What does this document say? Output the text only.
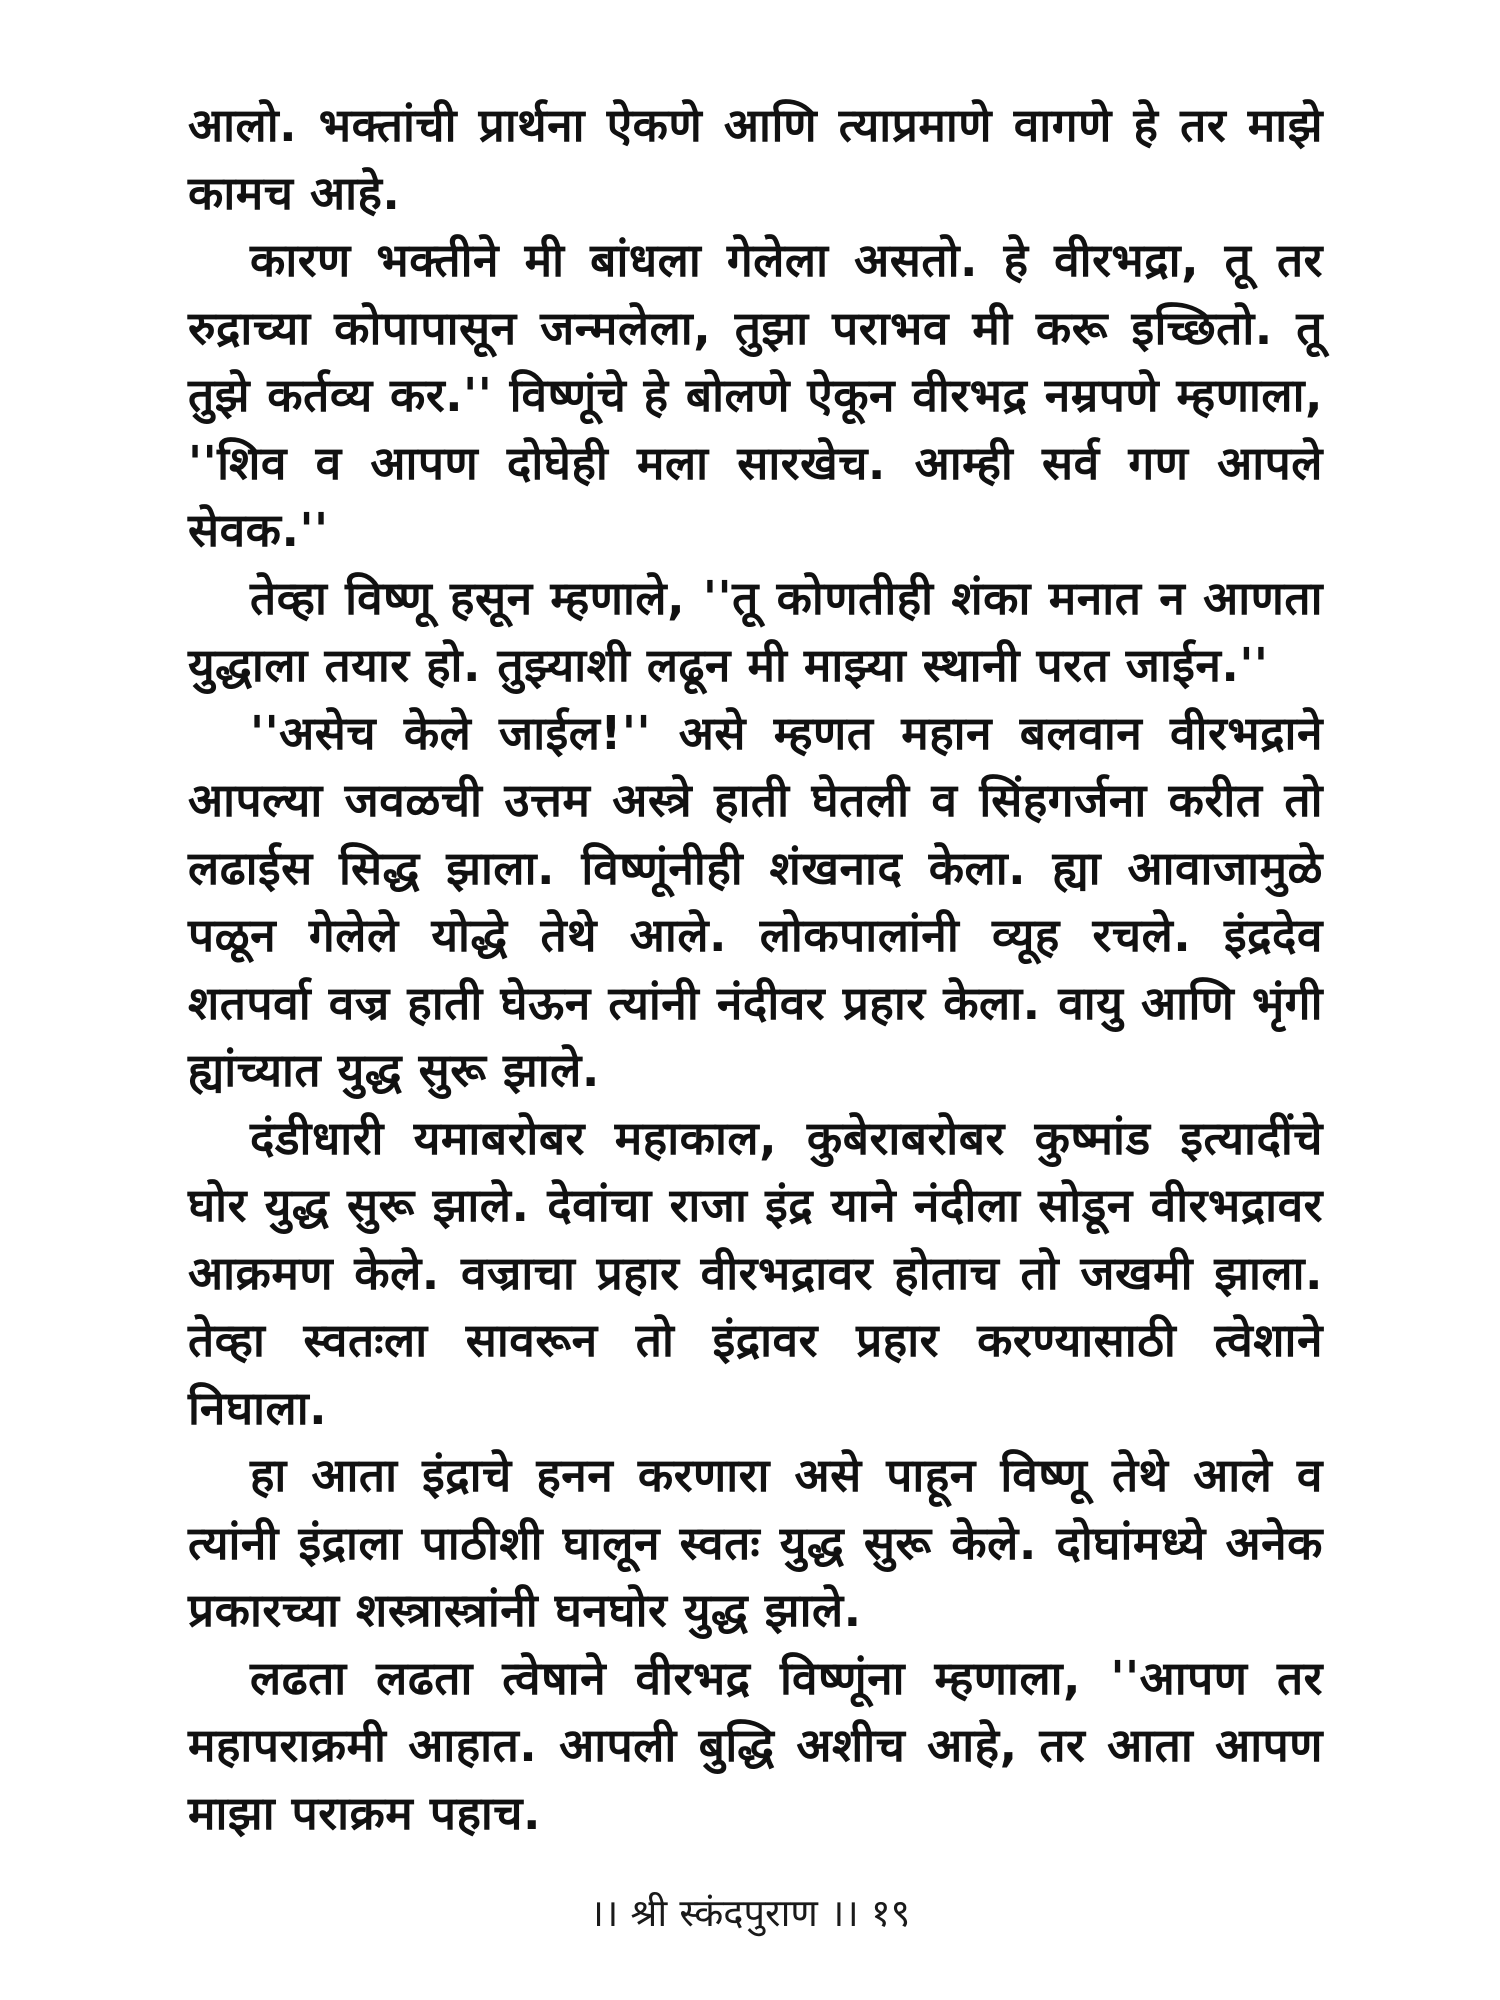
आलो. भक्तांची प्रार्थना ऐकणे आणि त्याप्रमाणे वागणे हे तर माझे कामच आहे.

कारण भक्तीने मी बांधला गेलेला असतो. हे वीरभद्रा, तू तर रुद्राच्या कोपापासून जन्मलेला, तुझा पराभव मी करू इच्छितो. तू तुझे कर्तव्य कर.'' विष्णूंचे हे बोलणे ऐकून वीरभद्र नम्रपणे म्हणाला, ''शिव व आपण दोघेही मला सारखेच. आम्ही सर्व गण आपले सेवक.''

तेव्हा विष्णू हसून म्हणाले, ''तू कोणतीही शंका मनात न आणता युद्धाला तयार हो. तुझ्याशी लढून मी माझ्या स्थानी परत जाईन.''

''असेच केले जाईल!'' असे म्हणत महान बलवान वीरभद्राने आपल्या जवळची उत्तम अस्त्रे हाती घेतली व सिंहगर्जना करीत तो लढाईस सिद्ध झाला. विष्णूंनीही शंखनाद केला. ह्या आवाजामुळे पळून गेलेले योद्धे तेथे आले. लोकपालांनी व्यूह रचले. इंद्रदेव शतपर्वा वज्र हाती घेऊन त्यांनी नंदीवर प्रहार केला. वायु आणि भृंगी ह्यांच्यात युद्ध सुरू झाले.

दंडीधारी यमाबरोबर महाकाल, कुबेराबरोबर कुष्मांड इत्यादींचे घोर युद्ध सुरू झाले. देवांचा राजा इंद्र याने नंदीला सोडून वीरभद्रावर आक्रमण केले. वज्राचा प्रहार वीरभद्रावर होताच तो जखमी झाला. तेव्हा स्वतःला सावरून तो इंद्रावर प्रहार करण्यासाठी त्वेशाने निघाला.

हा आता इंद्राचे हनन करणारा असे पाहून विष्णू तेथे आले व त्यांनी इंद्राला पाठीशी घालून स्वतः युद्ध सुरू केले. दोघांमध्ये अनेक प्रकारच्या शस्त्रास्त्रांनी घनघोर युद्ध झाले.

लढता लढता त्वेषाने वीरभद्र विष्णूंना म्हणाला, ''आपण तर महापराक्रमी आहात. आपली बुद्धि अशीच आहे, तर आता आपण माझा पराक्रम पहाच.

।। श्री स्कंदपुराण ।। १९
